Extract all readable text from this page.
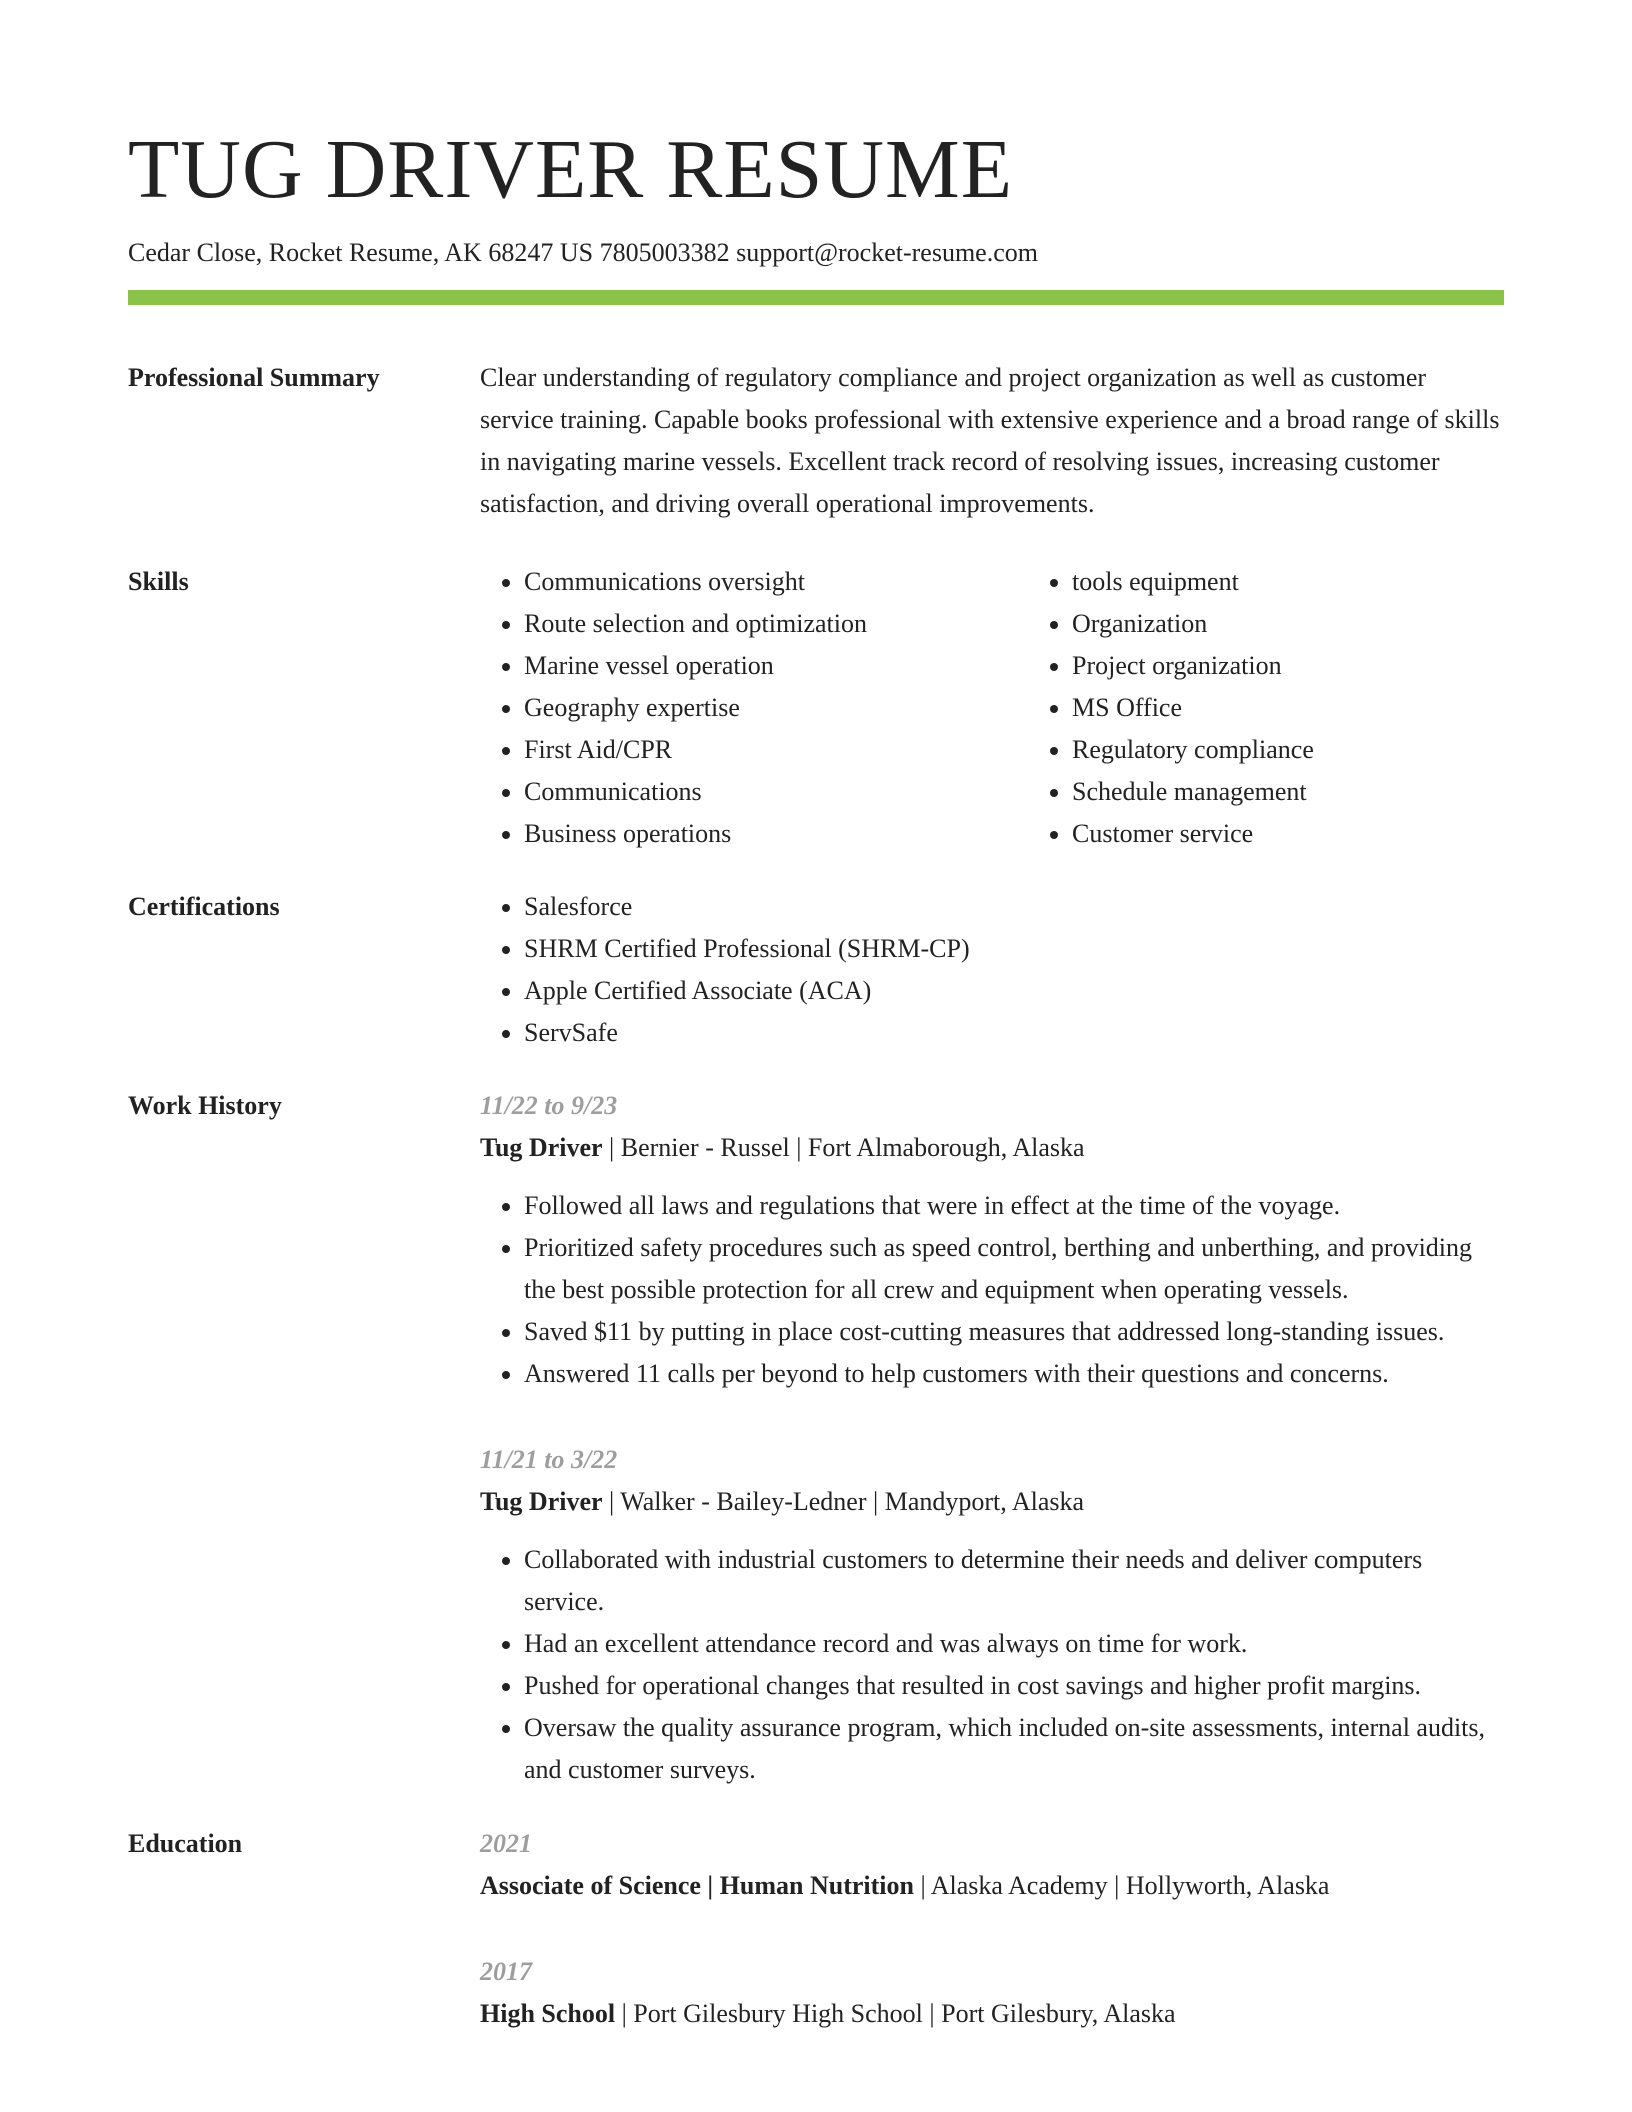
TUG DRIVER RESUME
Cedar Close, Rocket Resume, AK 68247 US 7805003382 support@rocket-resume.com
Professional Summary	Clear understanding of regulatory compliance and project organization as well as customer service training. Capable books professional with extensive experience and a broad range of skills in navigating marine vessels. Excellent track record of resolving issues, increasing customer satisfaction, and driving overall operational improvements.

Skills	• Communications oversight
• Route selection and optimization
• Marine vessel operation
• Geography expertise
• First Aid/CPR
• Communications
• Business operations
• tools equipment
• Organization
• Project organization
• MS Office
• Regulatory compliance
• Schedule management
• Customer service
Certifications	• Salesforce
• SHRM Certified Professional (SHRM-CP)
• Apple Certified Associate (ACA)
• ServSafe
Work History	11/22 to 9/23
Tug Driver | Bernier - Russel | Fort Almaborough, Alaska
• Followed all laws and regulations that were in effect at the time of the voyage.
• Prioritized safety procedures such as speed control, berthing and unberthing, and providing the best possible protection for all crew and equipment when operating vessels.
• Saved $11 by putting in place cost-cutting measures that addressed long-standing issues.
• Answered 11 calls per beyond to help customers with their questions and concerns.
11/21 to 3/22
Tug Driver | Walker - Bailey-Ledner | Mandyport, Alaska
• Collaborated with industrial customers to determine their needs and deliver computers service.
• Had an excellent attendance record and was always on time for work.
• Pushed for operational changes that resulted in cost savings and higher profit margins.
• Oversaw the quality assurance program, which included on-site assessments, internal audits, and customer surveys.
Education	2021
Associate of Science | Human Nutrition | Alaska Academy | Hollyworth, Alaska
2017
High School | Port Gilesbury High School | Port Gilesbury, Alaska
